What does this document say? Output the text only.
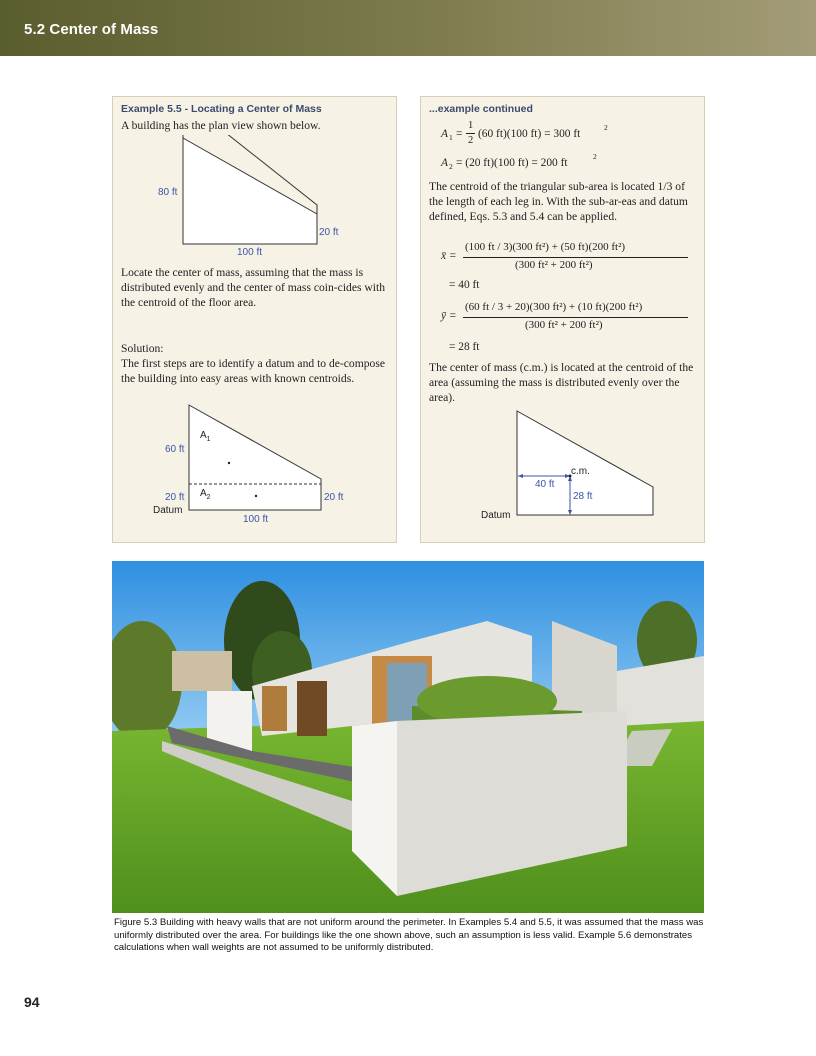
5.2 Center of Mass
Example 5.5 - Locating a Center of Mass
A building has the plan view shown below.
80 ft
20 ft
100 ft
Locate the center of mass, assuming that the mass is distributed evenly and the center of mass coin-cides with the centroid of the floor area.
Solution:
The first steps are to identify a datum and to de-compose the building into easy areas with known centroids.
$A_1$
$A_2$
60 ft
20 ft	20 ft
Datum
100 ft
...example continued
A 1 =
1
2
(60 ft)(100 ft) = 300 ft
2
A 2 = (20 ft)(100 ft) = 200 ft
2
The centroid of the triangular sub-area is located 1/3 of the length of each leg in. With the sub-ar-eas and datum defined, Eqs. 5.3 and 5.4 can be applied.
x̄ =
(100 ft / 3)(300 ft²) + (50 ft)(200 ft²)
(300 ft² + 200 ft²)
= 40 ft
ȳ =
(60 ft / 3 + 20)(300 ft²) + (10 ft)(200 ft²)
(300 ft² + 200 ft²)
= 28 ft
The center of mass (c.m.) is located at the centroid of the area (assuming the mass is distributed evenly over the area).
c.m.
40 ft
28 ft
Datum
Figure 5.3 Building with heavy walls that are not uniform around the perimeter. In Examples 5.4 and 5.5, it was assumed that the mass was uniformly distributed over the area. For buildings like the one shown above, such an assumption is less valid. Example 5.6 demonstrates calculations when wall weights are not assumed to be uniformly distributed.
94
